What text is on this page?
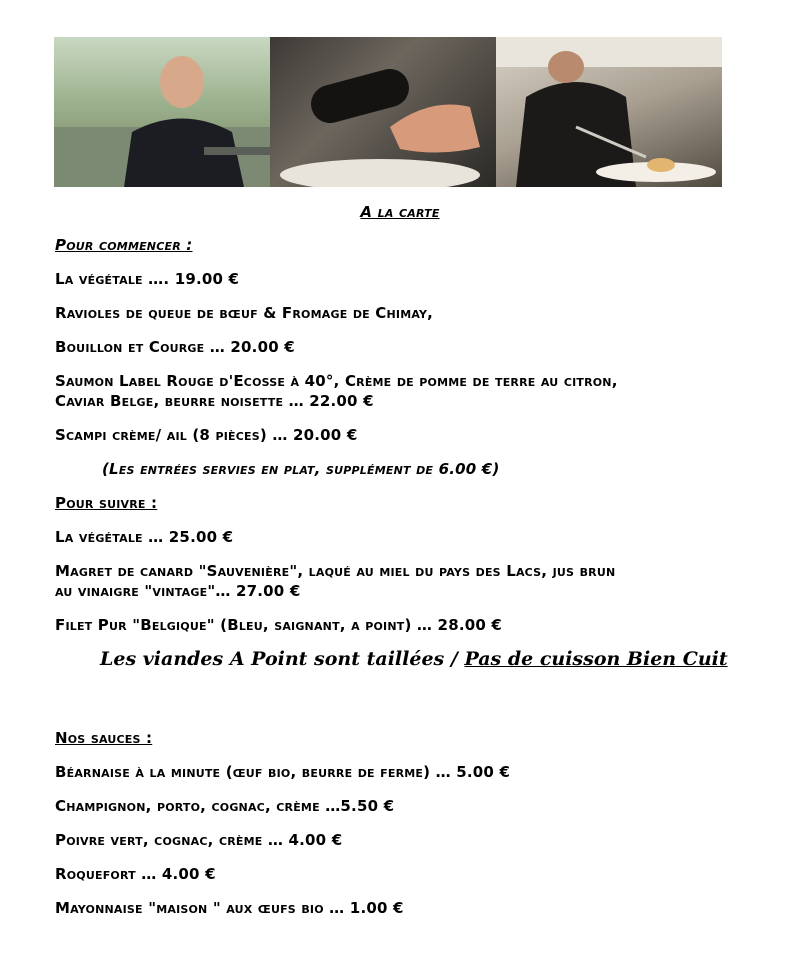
A la carte
Pour commencer :
La végétale …. 19.00 €
Ravioles de queue de bœuf & Fromage de Chimay,
Bouillon et Courge … 20.00 €
Saumon Label Rouge d'Ecosse à 40°, Crème de pomme de terre au citron,
Caviar Belge, beurre noisette … 22.00 €
Scampi crème/ ail (8 pièces) … 20.00 €
(Les entrées servies en plat, supplément de 6.00 €)
Pour suivre :
La végétale … 25.00 €
Magret de canard "Sauvenière", laqué au miel du pays des Lacs, jus brun
au vinaigre "vintage"… 27.00 €
Filet Pur "Belgique" (Bleu, saignant, a point) … 28.00 €
Les viandes A Point sont taillées / Pas de cuisson Bien Cuit
Nos sauces :
Béarnaise à la minute (œuf bio, beurre de ferme) … 5.00 €
Champignon, porto, cognac, crème …5.50 €
Poivre vert, cognac, crème … 4.00 €
Roquefort … 4.00 €
Mayonnaise "maison " aux œufs bio … 1.00 €
